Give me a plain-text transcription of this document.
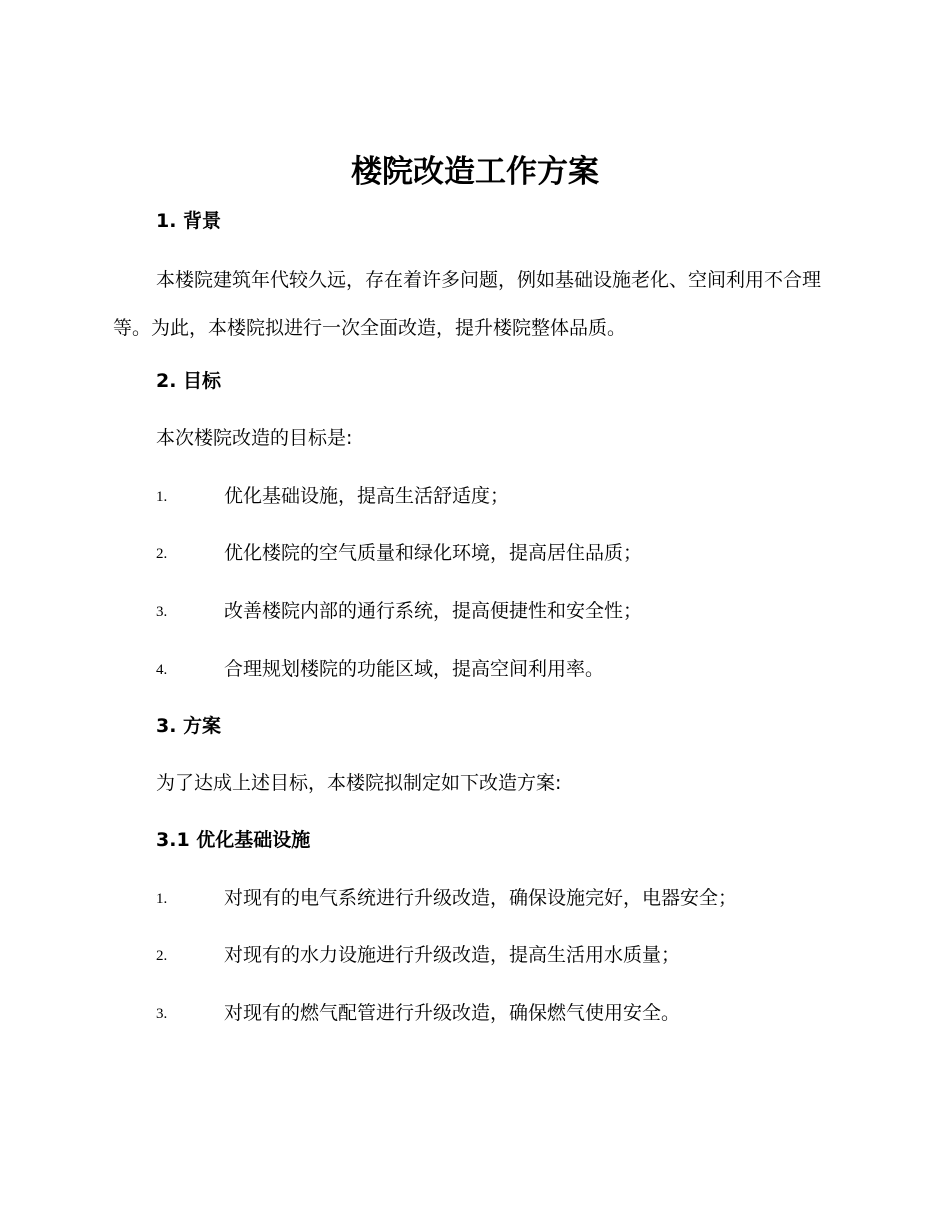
楼院改造工作方案
1. 背景
本楼院建筑年代较久远，存在着许多问题，例如基础设施老化、空间利用不合理等。为此，本楼院拟进行一次全面改造，提升楼院整体品质。
2. 目标
本次楼院改造的目标是:
1.	优化基础设施，提高生活舒适度；
2.	优化楼院的空气质量和绿化环境，提高居住品质；
3.	改善楼院内部的通行系统，提高便捷性和安全性；
4.	合理规划楼院的功能区域，提高空间利用率。
3. 方案
为了达成上述目标，本楼院拟制定如下改造方案:
3.1 优化基础设施
1.	对现有的电气系统进行升级改造，确保设施完好，电器安全；
2.	对现有的水力设施进行升级改造，提高生活用水质量；
3.	对现有的燃气配管进行升级改造，确保燃气使用安全。
